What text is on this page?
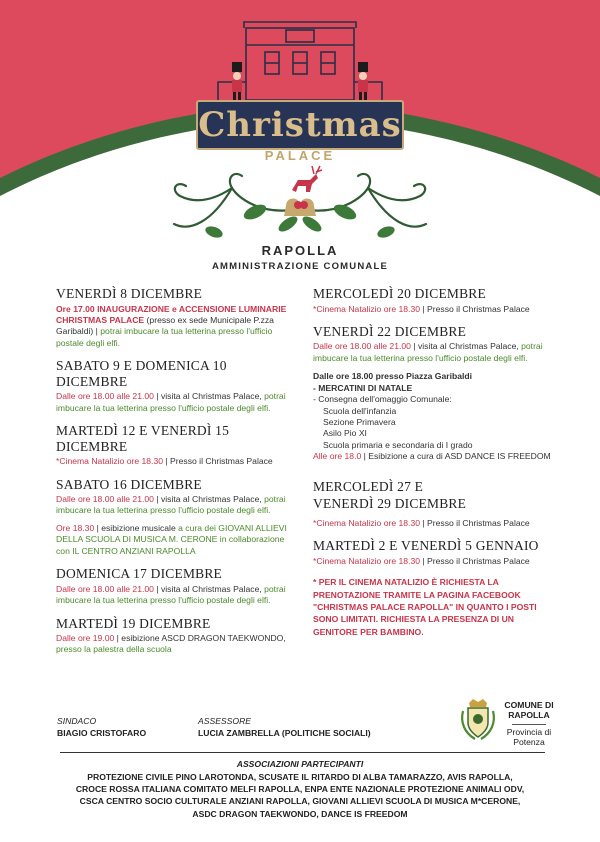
Christmas
PALACE
RAPOLLA
AMMINISTRAZIONE COMUNALE
VENERDÌ 8 DICEMBRE

Ore 17.00 INAUGURAZIONE e ACCENSIONE LUMINARIE CHRISTMAS PALACE (presso ex sede Municipale P.zza Garibaldi) | potrai imbucare la tua letterina presso l'ufficio postale degli elfi.

SABATO 9 E DOMENICA 10 DICEMBRE

Dalle ore 18.00 alle 21.00 | visita al Christmas Palace, potrai imbucare la tua letterina presso l'ufficio postale degli elfi.

MARTEDÌ 12 E VENERDÌ 15 DICEMBRE

*Cinema Natalizio ore 18.30 | Presso il Christmas Palace

SABATO 16 DICEMBRE

Dalle ore 18.00 alle 21.00 | visita al Christmas Palace, potrai imbucare la tua letterina presso l'ufficio postale degli elfi.

Ore 18.30 | esibizione musicale a cura dei GIOVANI ALLIEVI DELLA SCUOLA DI MUSICA M. CERONE in collaborazione con IL CENTRO ANZIANI RAPOLLA

DOMENICA 17 DICEMBRE

Dalle ore 18.00 alle 21.00 | visita al Christmas Palace, potrai imbucare la tua letterina presso l'ufficio postale degli elfi.

MARTEDÌ 19 DICEMBRE

Dalle ore 19.00 | esibizione ASCD DRAGON TAEKWONDO, presso la palestra della scuola

MERCOLEDÌ 20 DICEMBRE

*Cinema Natalizio ore 18.30 | Presso il Christmas Palace

VENERDÌ 22 DICEMBRE

Dalle ore 18.00 alle 21.00 | visita al Christmas Palace, potrai imbucare la tua letterina presso l'ufficio postale degli elfi.

Dalle ore 18.00 presso Piazza Garibaldi

- MERCATINI DI NATALE

- Consegna dell'omaggio Comunale:

Scuola dell'infanzia

Sezione Primavera

Asilo Pio XI

Scuola primaria e secondaria di I grado

Alle ore 18.0 | Esibizione a cura di ASD DANCE IS FREEDOM

MERCOLEDÌ 27 E
VENERDÌ 29 DICEMBRE

*Cinema Natalizio ore 18.30 | Presso il Christmas Palace

MARTEDÌ 2 E VENERDÌ 5 GENNAIO

*Cinema Natalizio ore 18.30 | Presso il Christmas Palace

* PER IL CINEMA NATALIZIO È RICHIESTA LA PRENOTAZIONE TRAMITE LA PAGINA FACEBOOK "CHRISTMAS PALACE RAPOLLA" IN QUANTO I POSTI SONO LIMITATI. RICHIESTA LA PRESENZA DI UN GENITORE PER BAMBINO.

SINDACO
BIAGIO CRISTOFARO
ASSESSORE
LUCIA ZAMBRELLA (POLITICHE SOCIALI)
COMUNE DI
RAPOLLA
Provincia di
Potenza
ASSOCIAZIONI PARTECIPANTI
PROTEZIONE CIVILE PINO LAROTONDA, SCUSATE IL RITARDO DI ALBA TAMARAZZO, AVIS RAPOLLA,
CROCE ROSSA ITALIANA COMITATO MELFI RAPOLLA, ENPA ENTE NAZIONALE PROTEZIONE ANIMALI ODV,
CSCA CENTRO SOCIO CULTURALE ANZIANI RAPOLLA, GIOVANI ALLIEVI SCUOLA DI MUSICA M*CERONE,
ASDC DRAGON TAEKWONDO, DANCE IS FREEDOM
